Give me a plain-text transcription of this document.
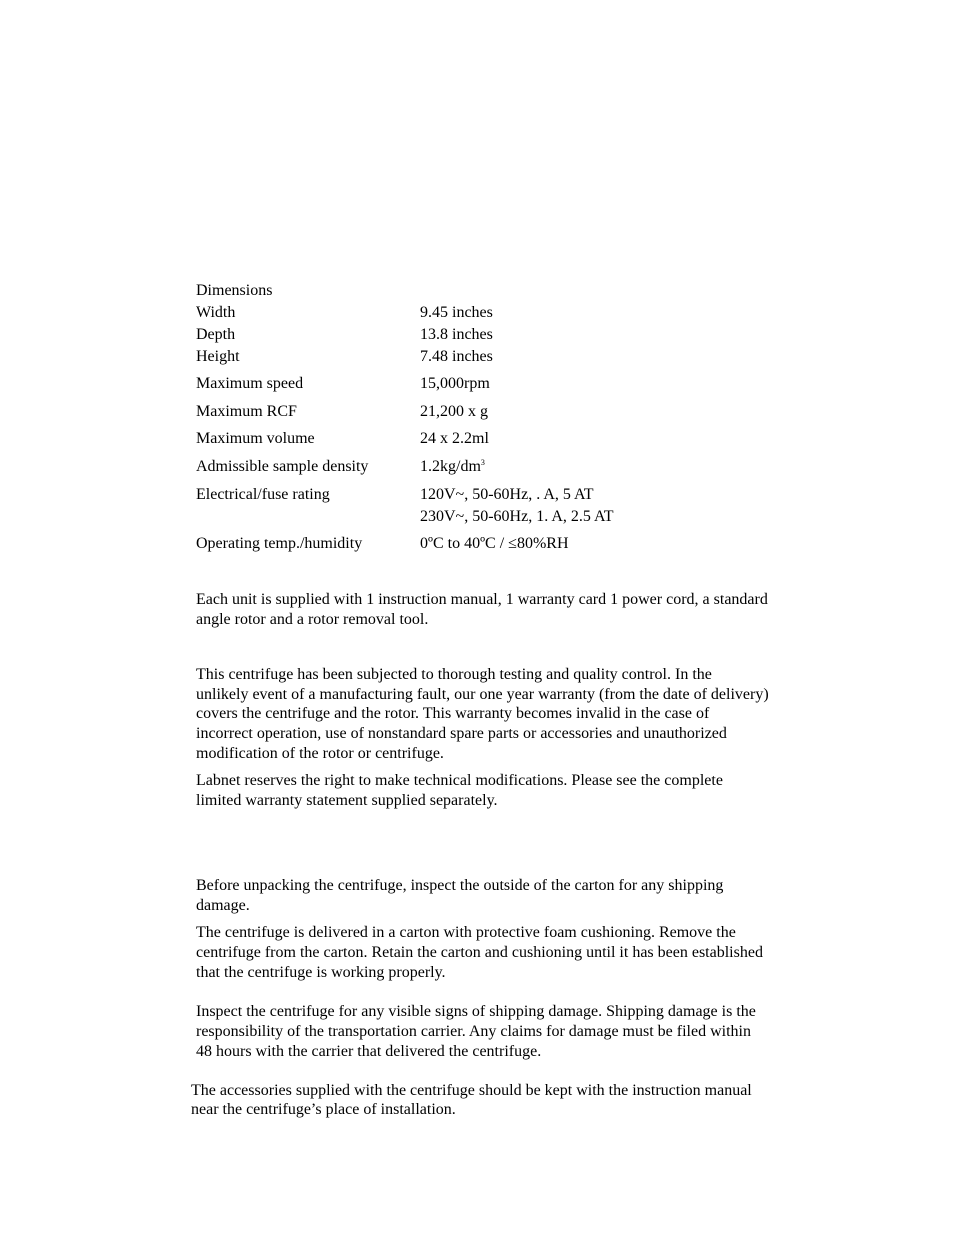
Dimensions
Width	9.45 inches
Depth	13.8 inches
Height	7.48 inches
Maximum speed	15,000rpm
Maximum RCF	21,200 x g
Maximum volume	24 x 2.2ml
Admissible sample density	$1.2kg/dm^3$
Electrical/fuse rating	120V~, 50-60Hz, . A, 5 AT
230V~, 50-60Hz, 1. A, 2.5 AT
Operating temp./humidity	0ºC to 40ºC / ≤80%RH
Each unit is supplied with 1 instruction manual, 1 warranty card 1 power cord, a standard
angle rotor and a rotor removal tool.
This centrifuge has been subjected to thorough testing and quality control. In the
unlikely event of a manufacturing fault, our one year warranty (from the date of delivery)
covers the centrifuge and the rotor. This warranty becomes invalid in the case of
incorrect operation, use of nonstandard spare parts or accessories and unauthorized
modification of the rotor or centrifuge.
Labnet reserves the right to make technical modifications. Please see the complete
limited warranty statement supplied separately.
Before unpacking the centrifuge, inspect the outside of the carton for any shipping
damage.
The centrifuge is delivered in a carton with protective foam cushioning. Remove the
centrifuge from the carton. Retain the carton and cushioning until it has been established
that the centrifuge is working properly.
Inspect the centrifuge for any visible signs of shipping damage. Shipping damage is the
responsibility of the transportation carrier. Any claims for damage must be filed within
48 hours with the carrier that delivered the centrifuge.
The accessories supplied with the centrifuge should be kept with the instruction manual
near the centrifuge’s place of installation.
